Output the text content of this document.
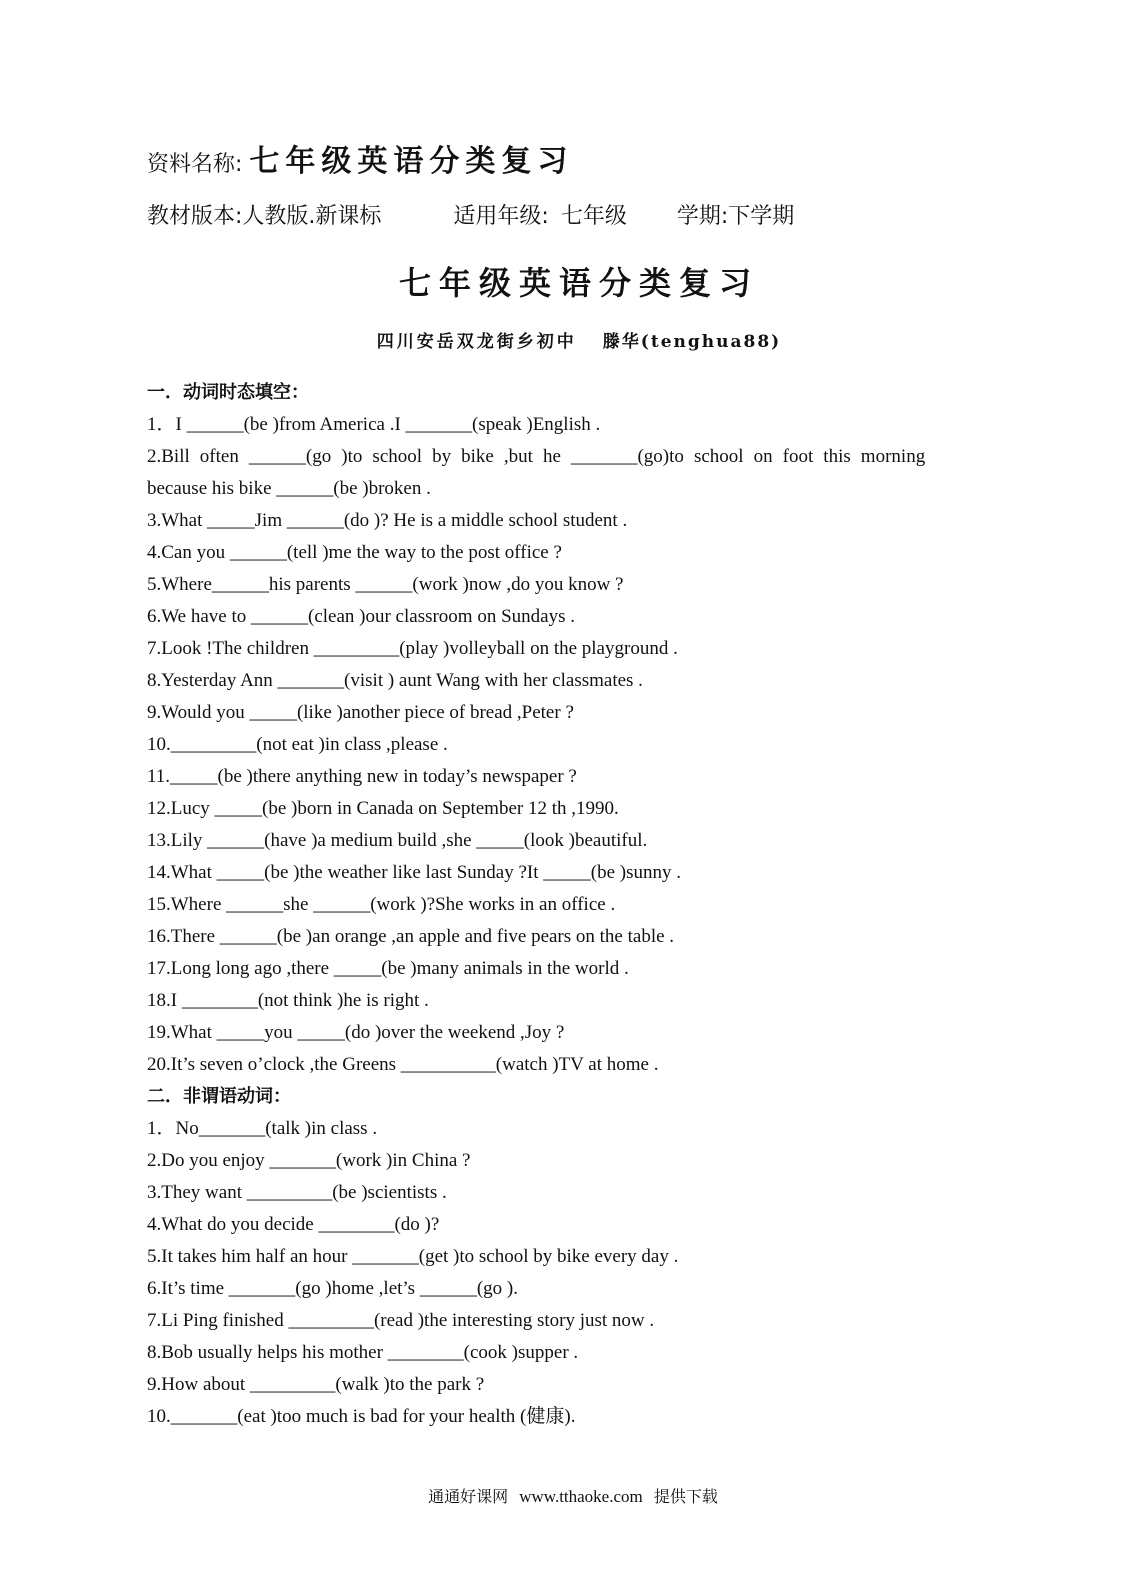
资料名称: 七年级英语分类复习
教材版本:人教版.新课标	适用年级: 七年级 学期:下学期
七年级英语分类复习
四川安岳双龙街乡初中 滕华(tenghua88)
一．动词时态填空：
1．I ______(be )from America .I _______(speak )English .
2.Bill often ______(go )to school by bike ,but he _______(go)to school on foot this morning
because his bike ______(be )broken .
3.What _____Jim ______(do )? He is a middle school student .
4.Can you ______(tell )me the way to the post office ?
5.Where______his parents ______(work )now ,do you know ?
6.We have to ______(clean )our classroom on Sundays .
7.Look !The children _________(play )volleyball on the playground .
8.Yesterday Ann _______(visit ) aunt Wang with her classmates .
9.Would you _____(like )another piece of bread ,Peter ?
10._________(not eat )in class ,please .
11._____(be )there anything new in today’s newspaper ?
12.Lucy _____(be )born in Canada on September 12 th ,1990.
13.Lily ______(have )a medium build ,she _____(look )beautiful.
14.What _____(be )the weather like last Sunday ?It _____(be )sunny .
15.Where ______she ______(work )?She works in an office .
16.There ______(be )an orange ,an apple and five pears on the table .
17.Long long ago ,there _____(be )many animals in the world .
18.I ________(not think )he is right .
19.What _____you _____(do )over the weekend ,Joy ?
20.It’s seven o’clock ,the Greens __________(watch )TV at home .
二．非谓语动词：
1．No_______(talk )in class .
2.Do you enjoy _______(work )in China ?
3.They want _________(be )scientists .
4.What do you decide ________(do )?
5.It takes him half an hour _______(get )to school by bike every day .
6.It’s time _______(go )home ,let’s ______(go ).
7.Li Ping finished _________(read )the interesting story just now .
8.Bob usually helps his mother ________(cook )supper .
9.How about _________(walk )to the park ?
10._______(eat )too much is bad for your health (健康).
通通好课网 www.tthaoke.com 提供下载
